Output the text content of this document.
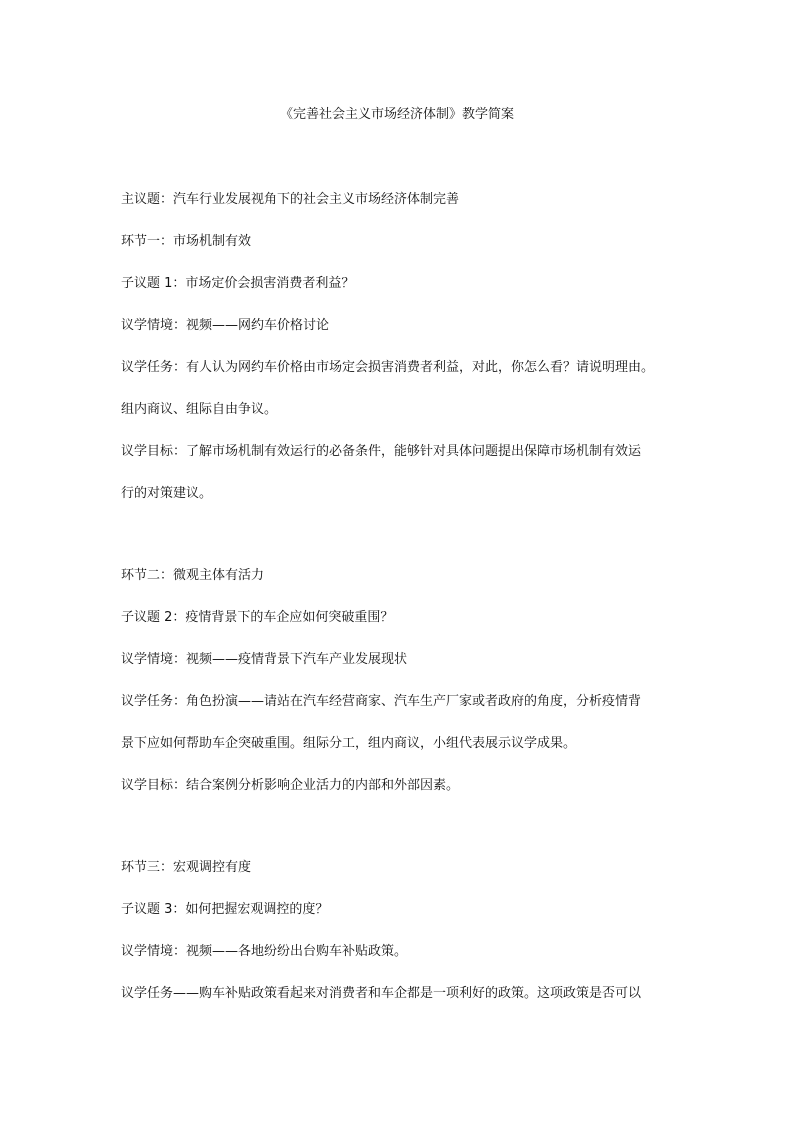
《完善社会主义市场经济体制》教学简案
主议题：汽车行业发展视角下的社会主义市场经济体制完善
环节一：市场机制有效
子议题 1：市场定价会损害消费者利益？
议学情境：视频——网约车价格讨论
议学任务：有人认为网约车价格由市场定会损害消费者利益，对此，你怎么看？请说明理由。
组内商议、组际自由争议。
议学目标：了解市场机制有效运行的必备条件，能够针对具体问题提出保障市场机制有效运
行的对策建议。
环节二：微观主体有活力
子议题 2：疫情背景下的车企应如何突破重围？
议学情境：视频——疫情背景下汽车产业发展现状
议学任务：角色扮演——请站在汽车经营商家、汽车生产厂家或者政府的角度，分析疫情背
景下应如何帮助车企突破重围。组际分工，组内商议，小组代表展示议学成果。
议学目标：结合案例分析影响企业活力的内部和外部因素。
环节三：宏观调控有度
子议题 3：如何把握宏观调控的度？
议学情境：视频——各地纷纷出台购车补贴政策。
议学任务——购车补贴政策看起来对消费者和车企都是一项利好的政策。这项政策是否可以
